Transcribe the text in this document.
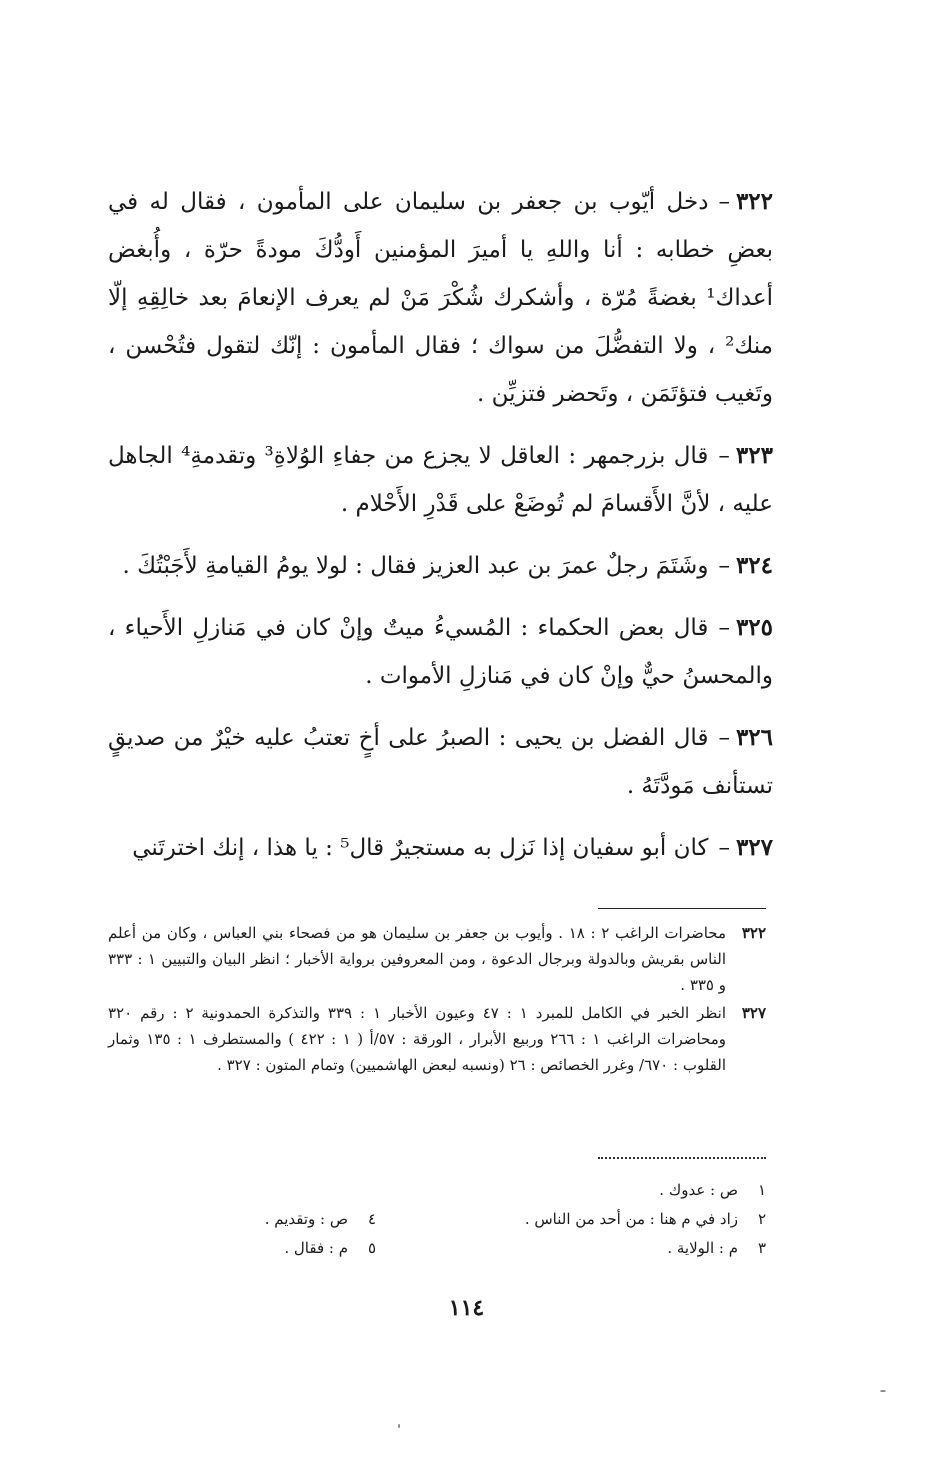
٣٢٢–دخل أيّوب بن جعفر بن سليمان على المأمون ، فقال له في بعضِ خطابه : أنا واللهِ يا أميرَ المؤمنين أَودُّكَ مودةً حرّة ، وأُبغض أعداك¹ بغضةً مُرّة ، وأشكرك شُكْرَ مَنْ لم يعرف الإنعامَ بعد خالِقِهِ إلّا منك² ، ولا التفضُّلَ من سواك ؛ فقال المأمون : إنّك لتقول فتُحْسن ، وتَغيب فتؤتَمَن ، وتَحضر فتزيِّن .

٣٢٣–قال بزرجمهر : العاقل لا يجزع من جفاءِ الوُلاةِ³ وتقدمةِ⁴ الجاهل عليه ، لأنَّ الأَقسامَ لم تُوضَعْ على قَدْرِ الأَحْلام .

٣٢٤–وشَتَمَ رجلٌ عمرَ بن عبد العزيز فقال : لولا يومُ القيامةِ لأَجَبْتُكَ .

٣٢٥–قال بعض الحكماء : المُسيءُ ميتٌ وإنْ كان في مَنازلِ الأَحياء ، والمحسنُ حيٌّ وإنْ كان في مَنازلِ الأموات .

٣٢٦–قال الفضل بن يحيى : الصبرُ على أخٍ تعتبُ عليه خيْرٌ من صديقٍ تستأنف مَودَّتَهُ .

٣٢٧–كان أبو سفيان إذا نَزل به مستجيرٌ قال⁵ : يا هذا ، إنك اخترتَني

٣٢٢
محاضرات الراغب ٢ : ١٨ . وأيوب بن جعفر بن سليمان هو من فصحاء بني العباس ، وكان من أعلم الناس بقريش وبالدولة وبرجال الدعوة ، ومن المعروفين برواية الأخبار ؛ انظر البيان والتبيين ١ : ٣٣٣ و ٣٣٥ .
٣٢٧
انظر الخبر في الكامل للمبرد ١ : ٤٧ وعيون الأخبار ١ : ٣٣٩ والتذكرة الحمدونية ٢ : رقم ٣٢٠ ومحاضرات الراغب ١ : ٢٦٦ وربيع الأبرار ، الورقة : ٥٧/أ ( ١ : ٤٢٢ ) والمستطرف ١ : ١٣٥ وثمار القلوب : ٦٧٠/ وغرر الخصائص : ٢٦ (ونسبه لبعض الهاشميين) وتمام المتون : ٣٢٧ .
١ص : عدوك .
٢زاد في م هنا : من أحد من الناس .
٣م : الولاية .
٤ص : وتقديم .
٥م : فقال .
١١٤
